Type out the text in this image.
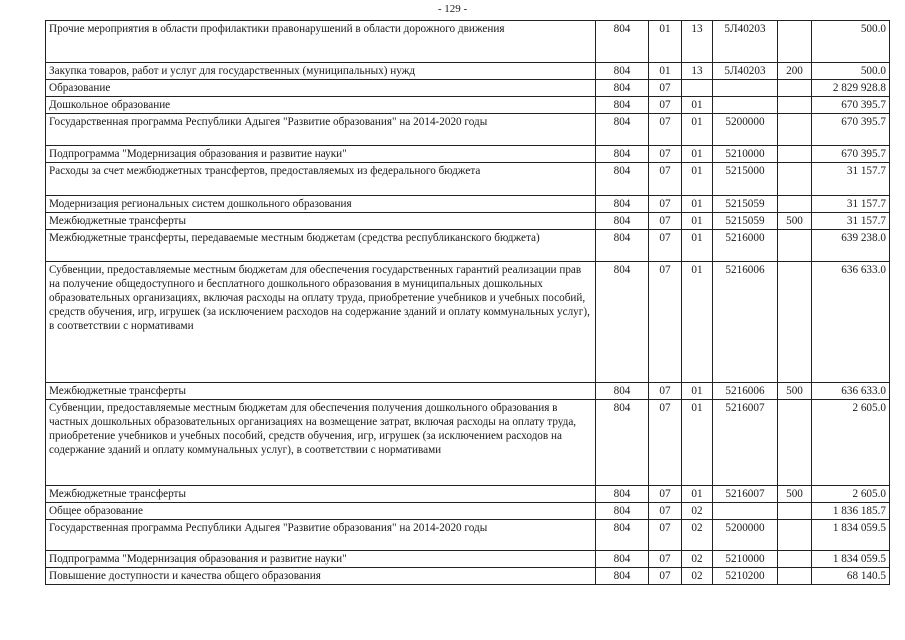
- 129 -
Прочие мероприятия в области профилактики правонарушений в области дорожного движения	804	01	13	5Л40203		500.0
Закупка товаров, работ и услуг для государственных (муниципальных) нужд	804	01	13	5Л40203	200	500.0
Образование	804	07				2 829 928.8
Дошкольное образование	804	07	01			670 395.7
Государственная программа Республики Адыгея "Развитие образования" на 2014-2020 годы	804	07	01	5200000		670 395.7
Подпрограмма "Модернизация образования и развитие науки"	804	07	01	5210000		670 395.7
Расходы за счет межбюджетных трансфертов, предоставляемых из федерального бюджета	804	07	01	5215000		31 157.7
Модернизация региональных систем дошкольного образования	804	07	01	5215059		31 157.7
Межбюджетные трансферты	804	07	01	5215059	500	31 157.7
Межбюджетные трансферты, передаваемые местным бюджетам (средства республиканского бюджета)	804	07	01	5216000		639 238.0
Субвенции, предоставляемые местным бюджетам для обеспечения государственных гарантий реализации прав на получение общедоступного и бесплатного дошкольного образования в муниципальных дошкольных образовательных организациях, включая расходы на оплату труда, приобретение учебников и учебных пособий, средств обучения, игр, игрушек (за исключением расходов на содержание зданий и оплату коммунальных услуг), в соответствии с нормативами	804	07	01	5216006		636 633.0
Межбюджетные трансферты	804	07	01	5216006	500	636 633.0
Субвенции, предоставляемые местным бюджетам для обеспечения получения дошкольного образования в частных дошкольных образовательных организациях на возмещение затрат, включая расходы на оплату труда, приобретение учебников и учебных пособий, средств обучения, игр, игрушек (за исключением расходов на содержание зданий и оплату коммунальных услуг), в соответствии с нормативами	804	07	01	5216007		2 605.0
Межбюджетные трансферты	804	07	01	5216007	500	2 605.0
Общее образование	804	07	02			1 836 185.7
Государственная программа Республики Адыгея "Развитие образования" на 2014-2020 годы	804	07	02	5200000		1 834 059.5
Подпрограмма "Модернизация образования и развитие науки"	804	07	02	5210000		1 834 059.5
Повышение доступности и качества общего образования	804	07	02	5210200		68 140.5
